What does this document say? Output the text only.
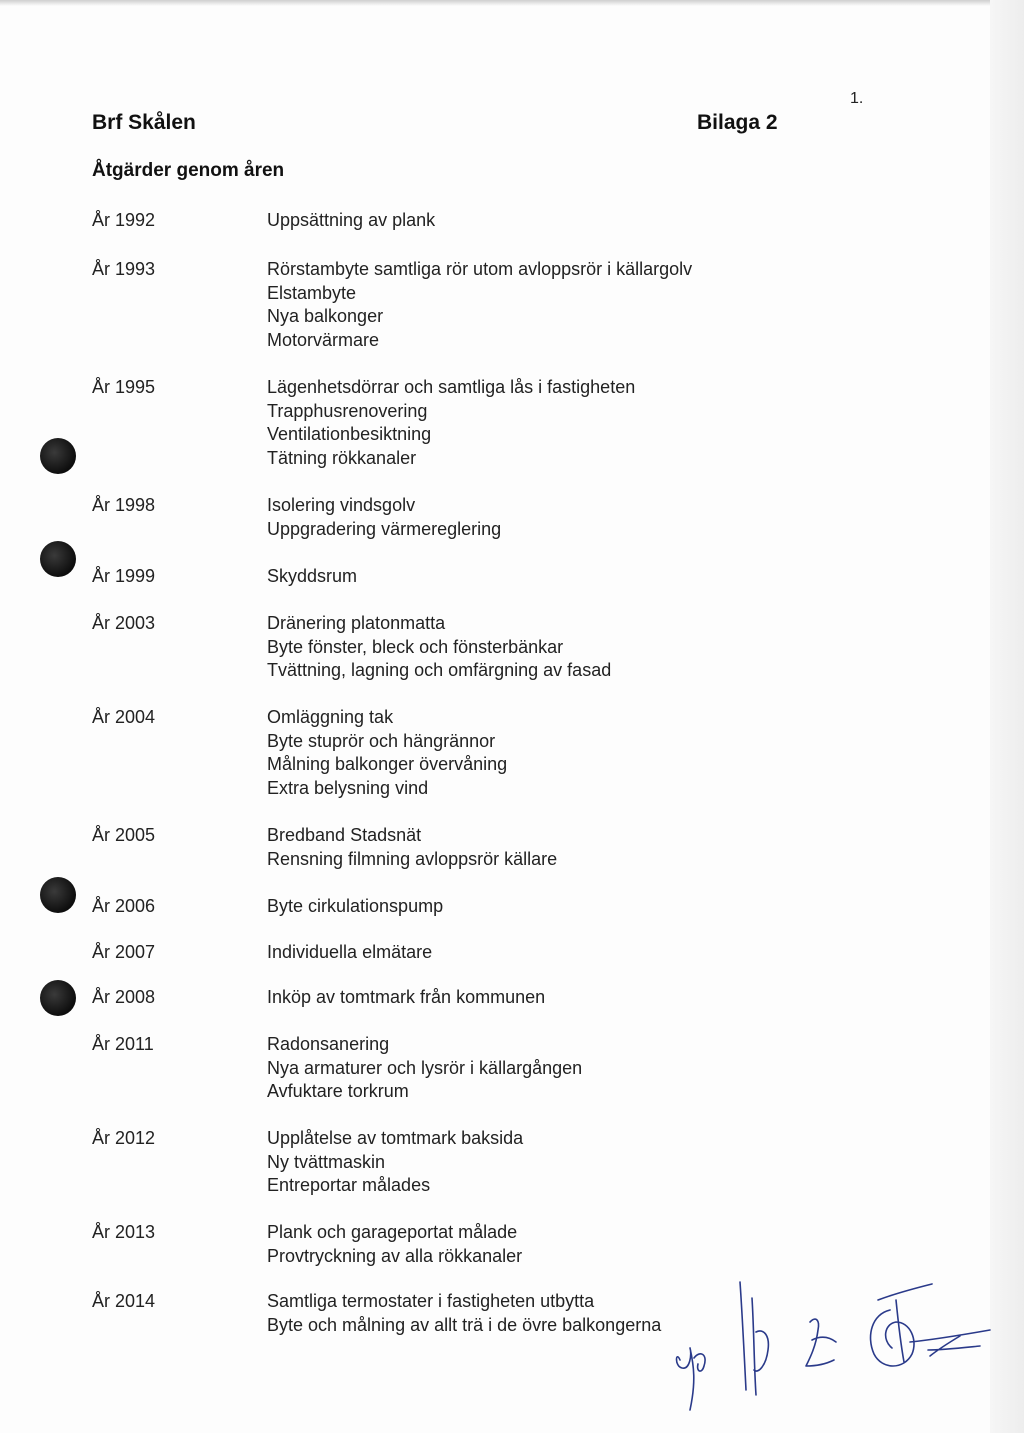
1.
Brf Skålen	Bilaga 2
Åtgärder genom åren
År 1992	Uppsättning av plank
År 1993	Rörstambyte samtliga rör utom avloppsrör i källargolv
Elstambyte
Nya balkonger
Motorvärmare
År 1995	Lägenhetsdörrar och samtliga lås i fastigheten
Trapphusrenovering
Ventilationbesiktning
Tätning rökkanaler
År 1998	Isolering vindsgolv
Uppgradering värmereglering
År 1999	Skyddsrum
År 2003	Dränering platonmatta
Byte fönster, bleck och fönsterbänkar
Tvättning, lagning och omfärgning av fasad
År 2004	Omläggning tak
Byte stuprör och hängrännor
Målning balkonger övervåning
Extra belysning vind
År 2005	Bredband Stadsnät
Rensning filmning avloppsrör källare
År 2006	Byte cirkulationspump
År 2007	Individuella elmätare
År 2008	Inköp av tomtmark från kommunen
År 2011	Radonsanering
Nya armaturer och lysrör i källargången
Avfuktare torkrum
År 2012	Upplåtelse av tomtmark baksida
Ny tvättmaskin
Entreportar målades
År 2013	Plank och garageportat målade
Provtryckning av alla rökkanaler
År 2014	Samtliga termostater i fastigheten utbytta
Byte och målning av allt trä i de övre balkongerna
